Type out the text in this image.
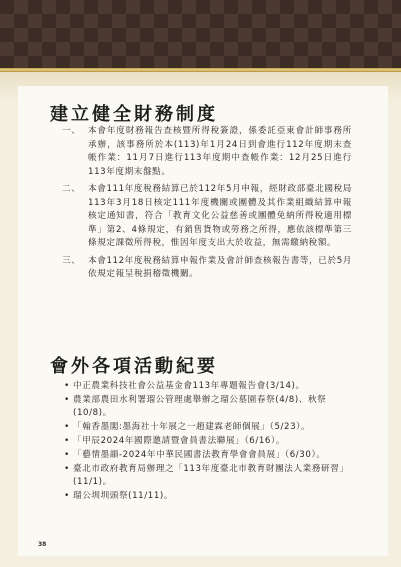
建立健全財務制度
一、 本會年度財務報告查核暨所得稅簽證，係委託亞東會計師事務所承辦，該事務所於本(113)年1月24日到會進行112年度期末查帳作業：11月7日進行113年度期中查帳作業：12月25日進行113年度期末盤點。
二、 本會111年度稅務結算已於112年5月申報，經財政部臺北國稅局113年3月18日核定111年度機關或團體及其作業組織結算申報核定通知書，符合「教育文化公益慈善或團體免納所得稅適用標準」第2、4條規定，有銷售貨物或勞務之所得，應依該標準第三條規定課徵所得稅，惟因年度支出大於收益，無需繳納稅額。
三、 本會112年度稅務結算申報作業及會計師查核報告書等，已於5月依規定報呈稅捐稽徵機關。
會外各項活動紀要
• 中正農業科技社會公益基金會113年專題報告會(3/14)。
• 農業部農田水利署瑠公管理處舉辦之瑠公墓園春祭(4/8)、秋祭(10/8)。
• 「翰香墨閣:墨海社十年展之一趙建霖老師個展」（5/23）。
• 「甲辰2024年國際邀請暨會員書法聯展」（6/16）。
• 「藝情墨韻-2024年中華民國書法教育學會會員展」（6/30）。
• 臺北市政府教育局辦理之「113年度臺北市教育財團法人業務研習」(11/1)。
• 瑠公圳圳頭祭(11/11)。
38
